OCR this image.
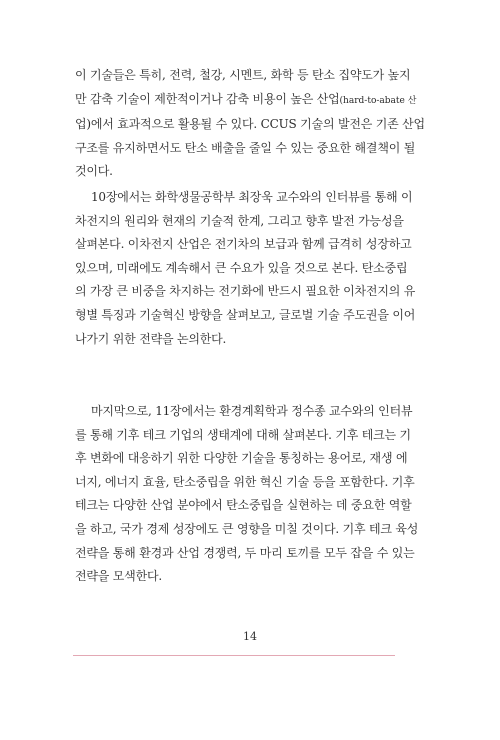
이 기술들은 특히, 전력, 철강, 시멘트, 화학 등 탄소 집약도가 높지
만 감축 기술이 제한적이거나 감축 비용이 높은 산업(hard-to-abate 산
업)에서 효과적으로 활용될 수 있다. CCUS 기술의 발전은 기존 산업
구조를 유지하면서도 탄소 배출을 줄일 수 있는 중요한 해결책이 될
것이다.

10장에서는 화학생물공학부 최장욱 교수와의 인터뷰를 통해 이
차전지의 원리와 현재의 기술적 한계, 그리고 향후 발전 가능성을
살펴본다. 이차전지 산업은 전기차의 보급과 함께 급격히 성장하고
있으며, 미래에도 계속해서 큰 수요가 있을 것으로 본다. 탄소중립
의 가장 큰 비중을 차지하는 전기화에 반드시 필요한 이차전지의 유
형별 특징과 기술혁신 방향을 살펴보고, 글로벌 기술 주도권을 이어
나가기 위한 전략을 논의한다.

마지막으로, 11장에서는 환경계획학과 정수종 교수와의 인터뷰
를 통해 기후 테크 기업의 생태계에 대해 살펴본다. 기후 테크는 기
후 변화에 대응하기 위한 다양한 기술을 통칭하는 용어로, 재생 에
너지, 에너지 효율, 탄소중립을 위한 혁신 기술 등을 포함한다. 기후
테크는 다양한 산업 분야에서 탄소중립을 실현하는 데 중요한 역할
을 하고, 국가 경제 성장에도 큰 영향을 미칠 것이다. 기후 테크 육성
전략을 통해 환경과 산업 경쟁력, 두 마리 토끼를 모두 잡을 수 있는
전략을 모색한다.

14
